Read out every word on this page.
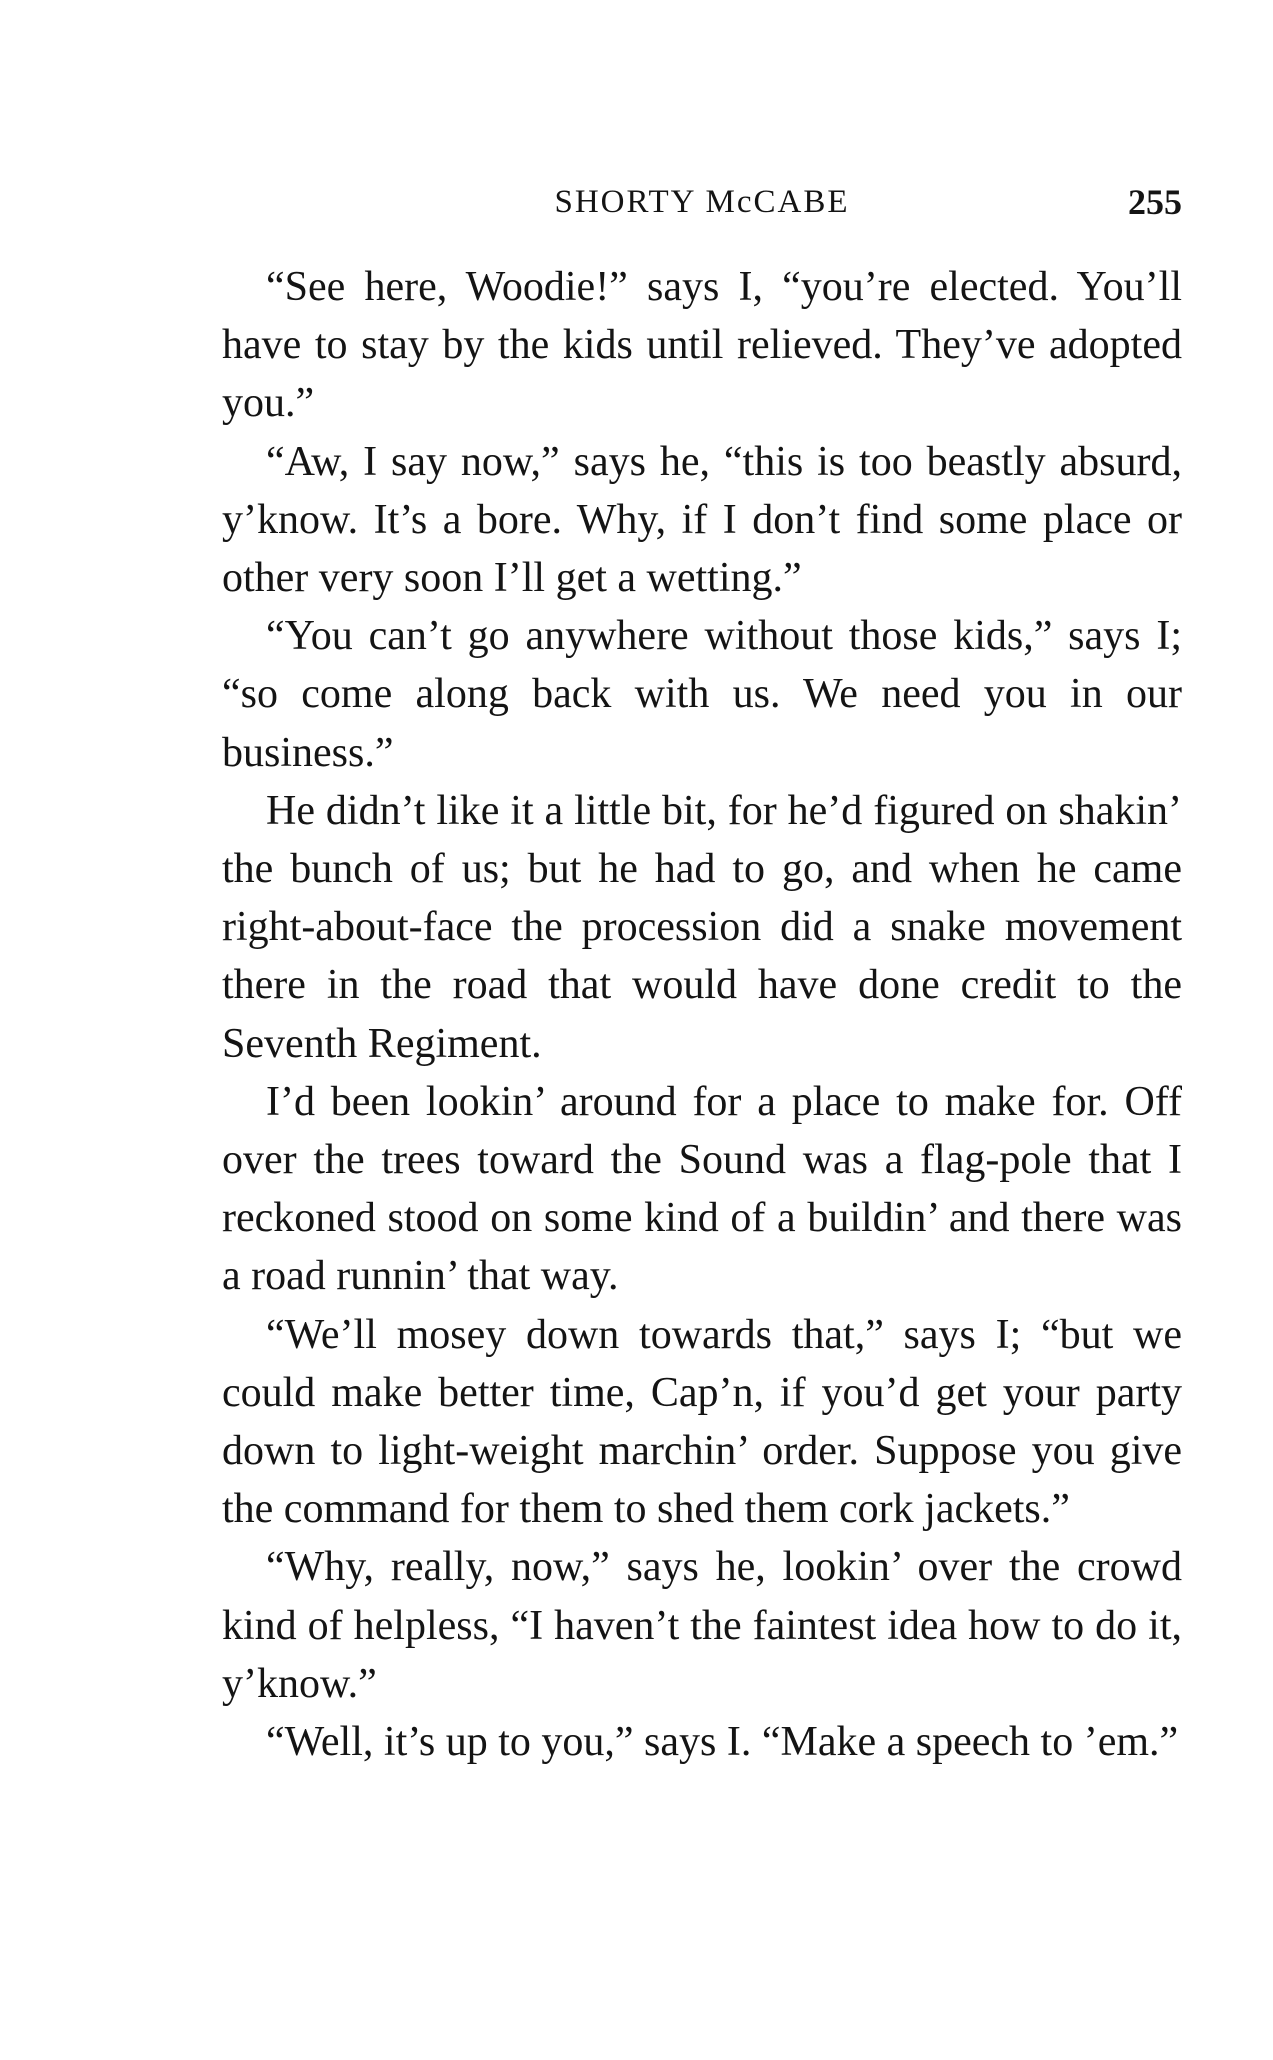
SHORTY McCABE	255

“See here, Woodie!” says I, “you’re elected. You’ll have to stay by the kids until relieved. They’ve adopted you.”

“Aw, I say now,” says he, “this is too beastly absurd, y’know. It’s a bore. Why, if I don’t find some place or other very soon I’ll get a wetting.”

“You can’t go anywhere without those kids,” says I; “so come along back with us. We need you in our business.”

He didn’t like it a little bit, for he’d figured on shakin’ the bunch of us; but he had to go, and when he came right-about-face the procession did a snake movement there in the road that would have done credit to the Seventh Regiment.

I’d been lookin’ around for a place to make for. Off over the trees toward the Sound was a flag-pole that I reckoned stood on some kind of a buildin’ and there was a road runnin’ that way.

“We’ll mosey down towards that,” says I; “but we could make better time, Cap’n, if you’d get your party down to light-weight marchin’ order. Suppose you give the command for them to shed them cork jackets.”

“Why, really, now,” says he, lookin’ over the crowd kind of helpless, “I haven’t the faintest idea how to do it, y’know.”

“Well, it’s up to you,” says I. “Make a speech to ’em.”
